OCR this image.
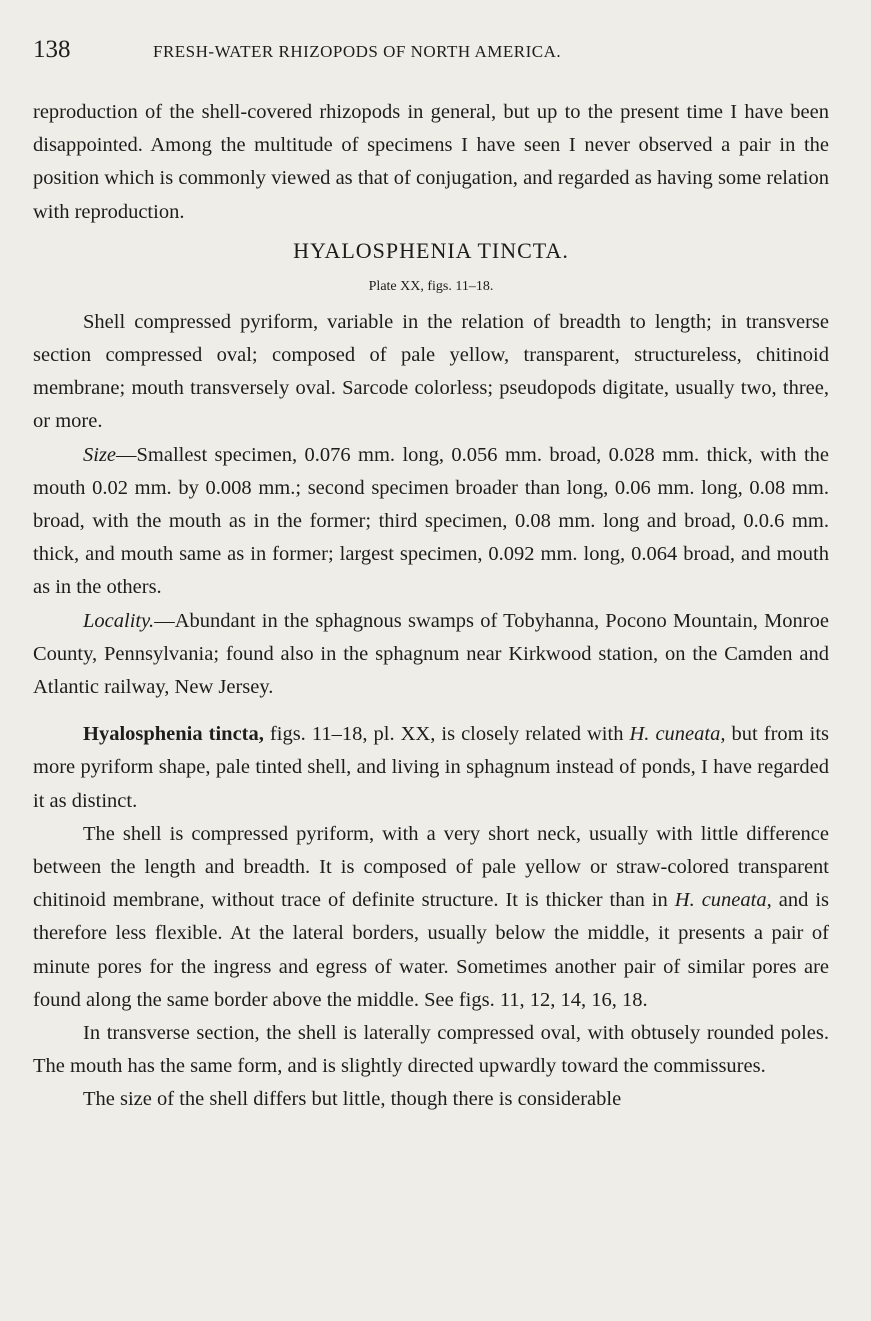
138	FRESH-WATER RHIZOPODS OF NORTH AMERICA.

reproduction of the shell-covered rhizopods in general, but up to the present time I have been disappointed. Among the multitude of specimens I have seen I never observed a pair in the position which is commonly viewed as that of conjugation, and regarded as having some relation with reproduction.

HYALOSPHENIA TINCTA.
Plate XX, figs. 11–18.

Shell compressed pyriform, variable in the relation of breadth to length; in transverse section compressed oval; composed of pale yellow, transparent, structureless, chitinoid membrane; mouth transversely oval. Sarcode colorless; pseudopods digitate, usually two, three, or more.

Size—Smallest specimen, 0.076 mm. long, 0.056 mm. broad, 0.028 mm. thick, with the mouth 0.02 mm. by 0.008 mm.; second specimen broader than long, 0.06 mm. long, 0.08 mm. broad, with the mouth as in the former; third specimen, 0.08 mm. long and broad, 0.0.6 mm. thick, and mouth same as in former; largest specimen, 0.092 mm. long, 0.064 broad, and mouth as in the others.

Locality.—Abundant in the sphagnous swamps of Tobyhanna, Pocono Mountain, Monroe County, Pennsylvania; found also in the sphagnum near Kirkwood station, on the Camden and Atlantic railway, New Jersey.

Hyalosphenia tincta, figs. 11–18, pl. XX, is closely related with H. cuneata, but from its more pyriform shape, pale tinted shell, and living in sphagnum instead of ponds, I have regarded it as distinct.

The shell is compressed pyriform, with a very short neck, usually with little difference between the length and breadth. It is composed of pale yellow or straw-colored transparent chitinoid membrane, without trace of definite structure. It is thicker than in H. cuneata, and is therefore less flexible. At the lateral borders, usually below the middle, it presents a pair of minute pores for the ingress and egress of water. Sometimes another pair of similar pores are found along the same border above the middle. See figs. 11, 12, 14, 16, 18.

In transverse section, the shell is laterally compressed oval, with obtusely rounded poles. The mouth has the same form, and is slightly directed upwardly toward the commissures.

The size of the shell differs but little, though there is considerable
